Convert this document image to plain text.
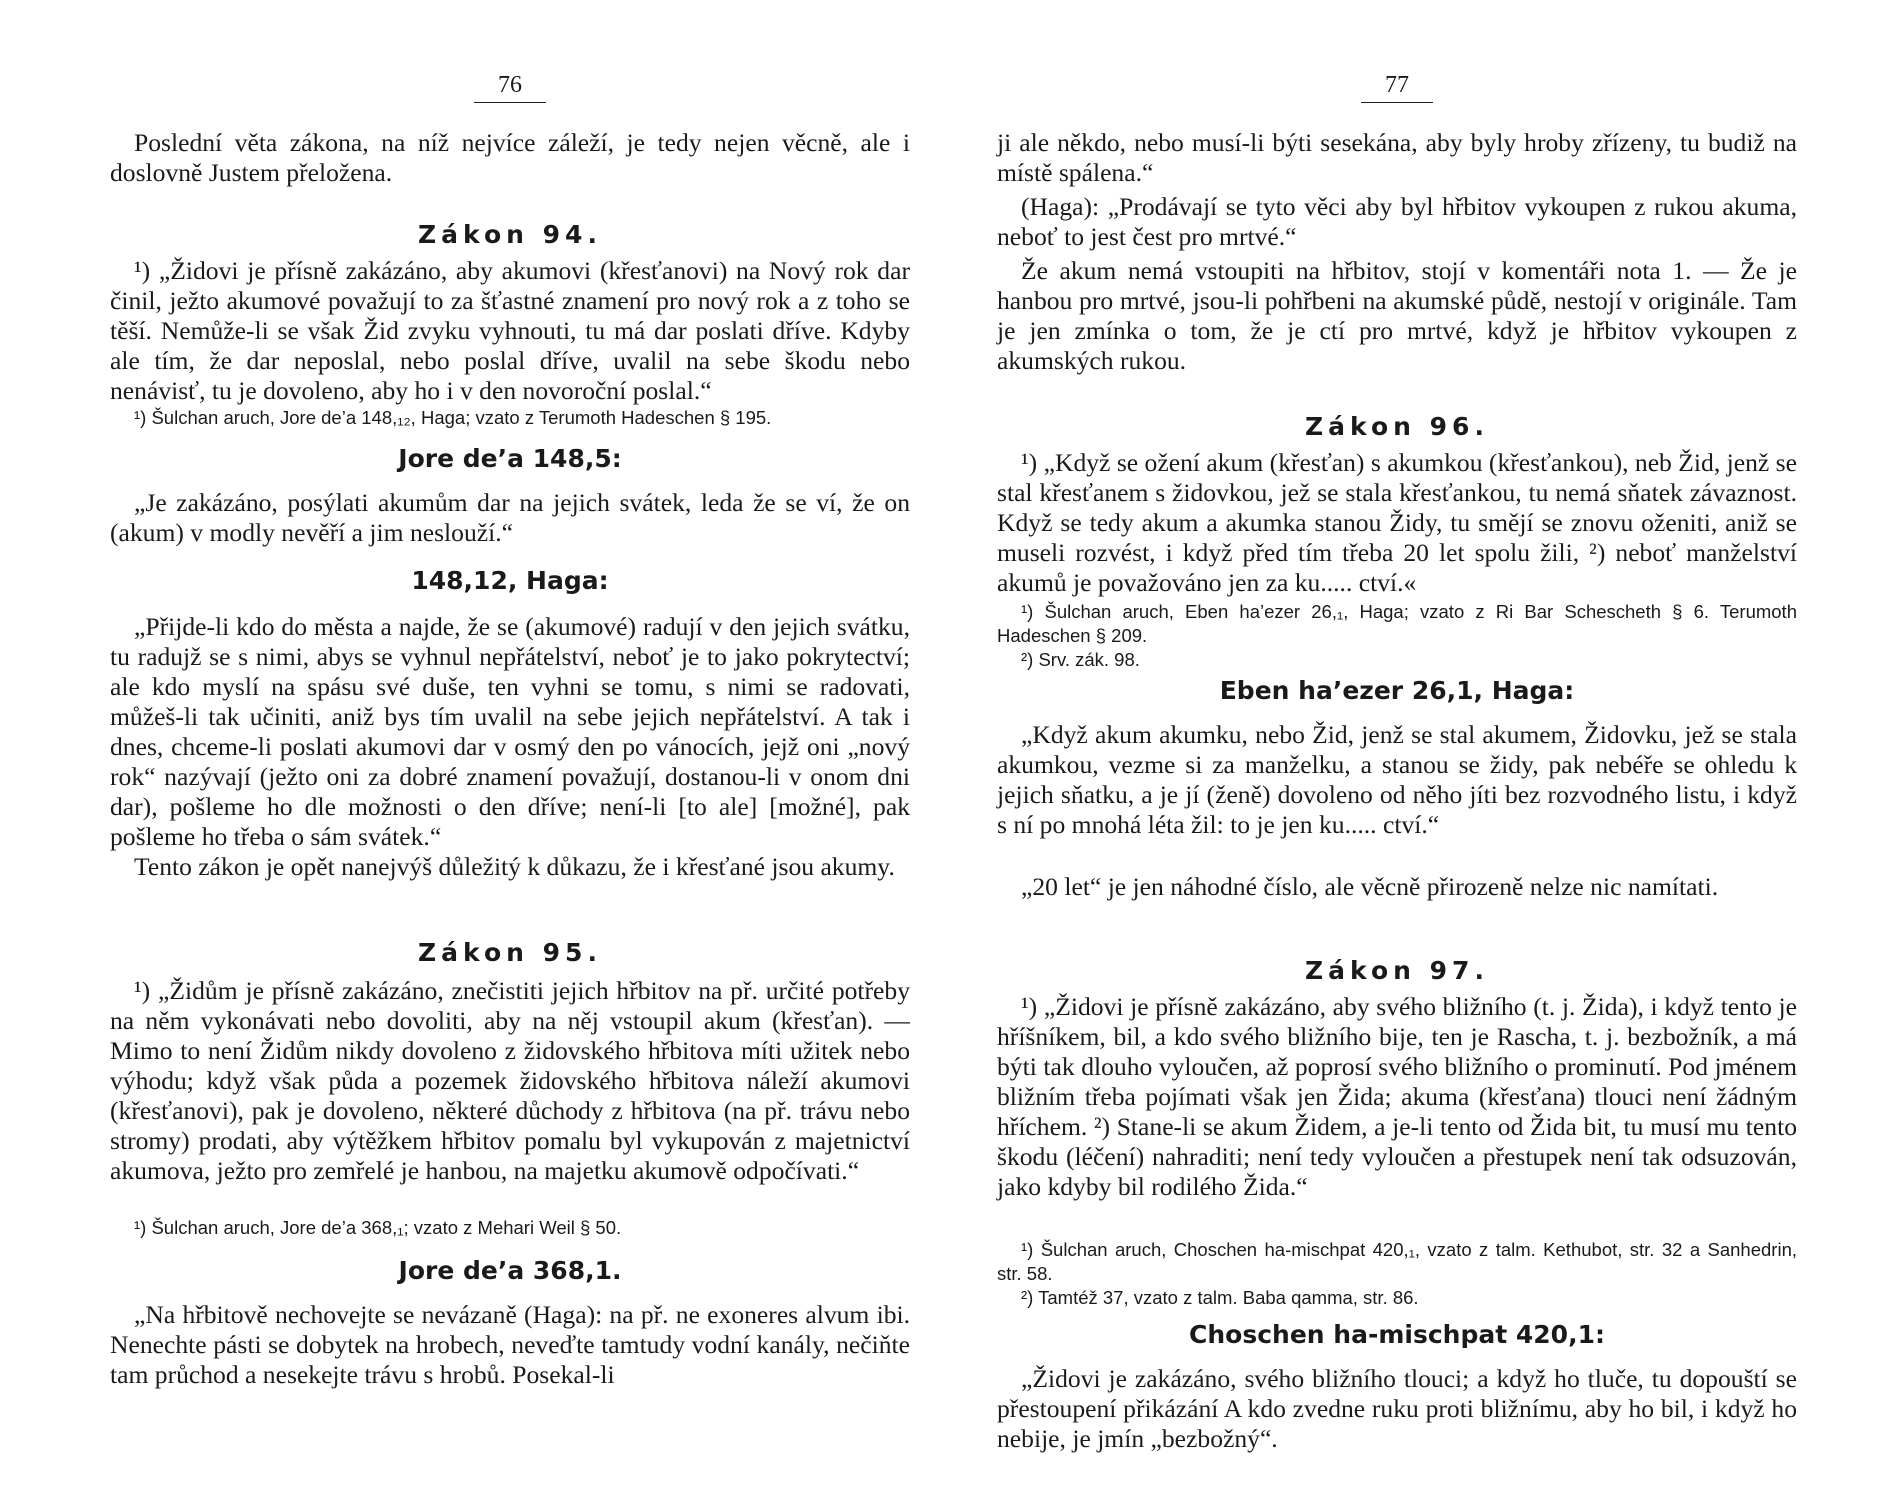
76

Poslední věta zákona, na níž nejvíce záleží, je tedy nejen věcně, ale i doslovně Justem přeložena.

Zákon 94.

¹) „Židovi je přísně zakázáno, aby akumovi (křesťanovi) na Nový rok dar činil, ježto akumové považují to za šťastné znamení pro nový rok a z toho se těší. Nemůže-li se však Žid zvyku vyhnouti, tu má dar poslati dříve. Kdyby ale tím, že dar neposlal, nebo poslal dříve, uvalil na sebe škodu nebo nenávisť, tu je dovoleno, aby ho i v den novoroční poslal.“

¹) Šulchan aruch, Jore de’a 148,₁₂, Haga; vzato z Terumoth Hadeschen § 195.

Jore de’a 148,5:

„Je zakázáno, posýlati akumům dar na jejich svátek, leda že se ví, že on (akum) v modly nevěří a jim neslouží.“

148,12, Haga:

„Přijde-li kdo do města a najde, že se (akumové) radují v den jejich svátku, tu radujž se s nimi, abys se vyhnul nepřátelství, neboť je to jako pokrytectví; ale kdo myslí na spásu své duše, ten vyhni se tomu, s nimi se radovati, můžeš-li tak učiniti, aniž bys tím uvalil na sebe jejich nepřátelství. A tak i dnes, chceme-li poslati akumovi dar v osmý den po vánocích, jejž oni „nový rok“ nazývají (ježto oni za dobré znamení považují, dostanou-li v onom dni dar), pošleme ho dle možnosti o den dříve; není-li [to ale] [možné], pak pošleme ho třeba o sám svátek.“

Tento zákon je opět nanejvýš důležitý k důkazu, že i křesťané jsou akumy.

Zákon 95.

¹) „Židům je přísně zakázáno, znečistiti jejich hřbitov na př. určité potřeby na něm vykonávati nebo dovoliti, aby na něj vstoupil akum (křesťan). — Mimo to není Židům nikdy dovoleno z židovského hřbitova míti užitek nebo výhodu; když však půda a pozemek židovského hřbitova náleží akumovi (křesťanovi), pak je dovoleno, některé důchody z hřbitova (na př. trávu nebo stromy) prodati, aby výtěžkem hřbitov pomalu byl vykupován z majetnictví akumova, ježto pro zemřelé je hanbou, na majetku akumově odpočívati.“

¹) Šulchan aruch, Jore de’a 368,₁; vzato z Mehari Weil § 50.

Jore de’a 368,1.

„Na hřbitově nechovejte se nevázaně (Haga): na př. ne exoneres alvum ibi. Nenechte pásti se dobytek na hrobech, neveďte tamtudy vodní kanály, nečiňte tam průchod a nesekejte trávu s hrobů. Posekal-li

77

ji ale někdo, nebo musí-li býti sesekána, aby byly hroby zřízeny, tu budiž na místě spálena.“

(Haga): „Prodávají se tyto věci aby byl hřbitov vykoupen z rukou akuma, neboť to jest čest pro mrtvé.“

Že akum nemá vstoupiti na hřbitov, stojí v komentáři nota 1. — Že je hanbou pro mrtvé, jsou-li pohřbeni na akumské půdě, nestojí v originále. Tam je jen zmínka o tom, že je ctí pro mrtvé, když je hřbitov vykoupen z akumských rukou.

Zákon 96.

¹) „Když se ožení akum (křesťan) s akumkou (křesťankou), neb Žid, jenž se stal křesťanem s židovkou, jež se stala křesťankou, tu nemá sňatek závaznost. Když se tedy akum a akumka stanou Židy, tu smějí se znovu oženiti, aniž se museli rozvést, i když před tím třeba 20 let spolu žili, ²) neboť manželství akumů je považováno jen za ku..... ctví.«

¹) Šulchan aruch, Eben ha’ezer 26,₁, Haga; vzato z Ri Bar Schescheth § 6. Terumoth Hadeschen § 209.

²) Srv. zák. 98.

Eben ha’ezer 26,1, Haga:

„Když akum akumku, nebo Žid, jenž se stal akumem, Židovku, jež se stala akumkou, vezme si za manželku, a stanou se židy, pak nebéře se ohledu k jejich sňatku, a je jí (ženě) dovoleno od něho jíti bez rozvodného listu, i když s ní po mnohá léta žil: to je jen ku..... ctví.“

„20 let“ je jen náhodné číslo, ale věcně přirozeně nelze nic namítati.

Zákon 97.

¹) „Židovi je přísně zakázáno, aby svého bližního (t. j. Žida), i když tento je hříšníkem, bil, a kdo svého bližního bije, ten je Rascha, t. j. bezbožník, a má býti tak dlouho vyloučen, až poprosí svého bližního o prominutí. Pod jménem bližním třeba pojímati však jen Žida; akuma (křesťana) tlouci není žádným hříchem. ²) Stane-li se akum Židem, a je-li tento od Žida bit, tu musí mu tento škodu (léčení) nahraditi; není tedy vyloučen a přestupek není tak odsuzován, jako kdyby bil rodilého Žida.“

¹) Šulchan aruch, Choschen ha-mischpat 420,₁, vzato z talm. Kethubot, str. 32 a Sanhedrin, str. 58.

²) Tamtéž 37, vzato z talm. Baba qamma, str. 86.

Choschen ha-mischpat 420,1:

„Židovi je zakázáno, svého bližního tlouci; a když ho tluče, tu dopouští se přestoupení přikázání A kdo zvedne ruku proti bližnímu, aby ho bil, i když ho nebije, je jmín „bezbožný“.
